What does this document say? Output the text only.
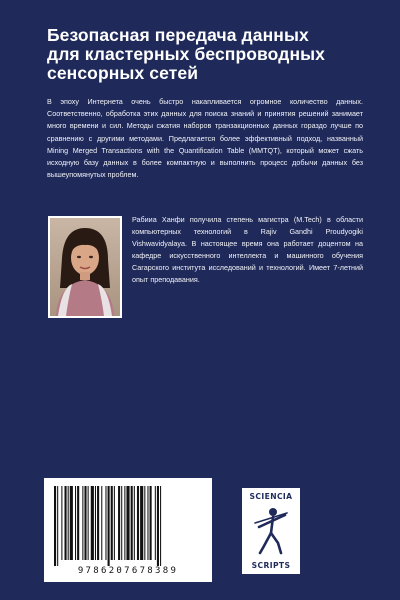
Безопасная передача данных
для кластерных беспроводных
сенсорных сетей
В эпоху Интернета очень быстро накапливается огромное количество данных. Соответственно, обработка этих данных для поиска знаний и принятия решений занимает много времени и сил. Методы сжатия наборов транзакционных данных гораздо лучше по сравнению с другими методами. Предлагается более эффективный подход, названный Mining Merged Transactions with the Quantification Table (MMTQT), который может сжать исходную базу данных в более компактную и выполнить процесс добычи данных без вышеупомянутых проблем.
Рабииа Ханфи получила степень магистра (M.Tech) в области компьютерных технологий в Rajiv Gandhi Proudyogiki Vishwavidyalaya. В настоящее время она работает доцентом на кафедре искусственного интеллекта и машинного обучения Сагарского института исследований и технологий. Имеет 7-летний опыт преподавания.
9786207678389
SCIENCIA
SCRIPTS
